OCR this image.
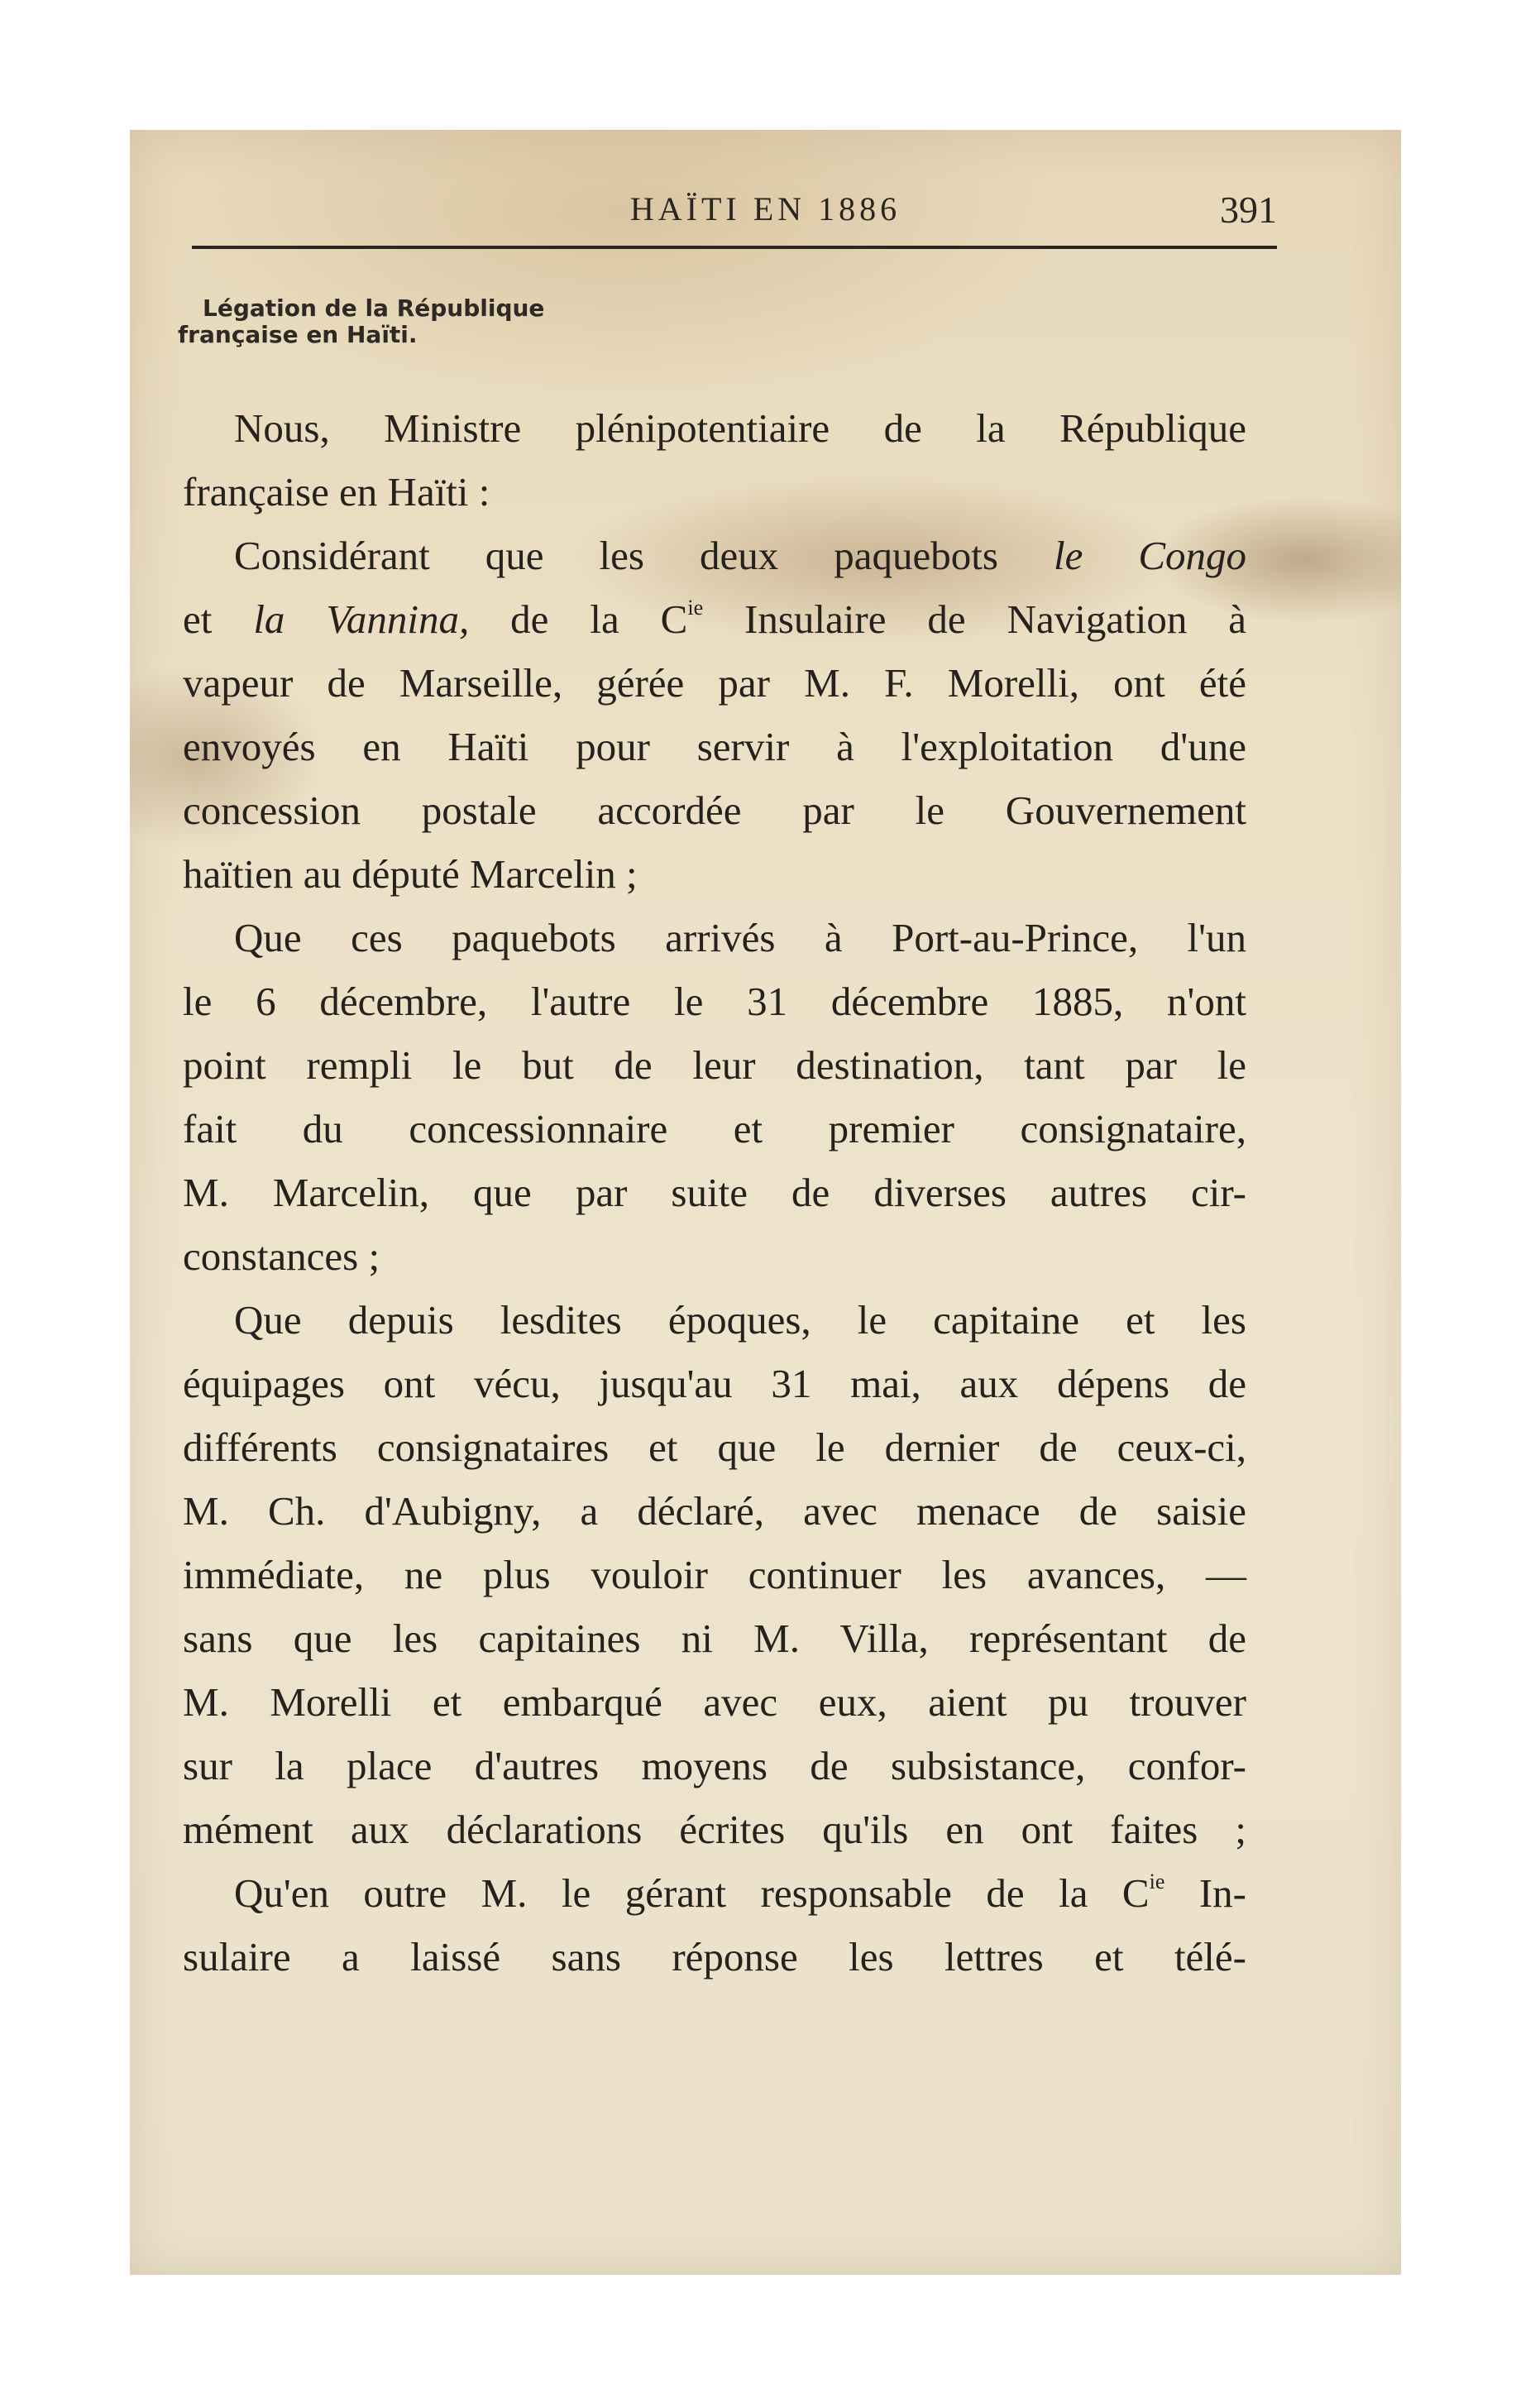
HAÏTI EN 1886	391
Légation de la République
française en Haïti.
Nous, Ministre plénipotentiaire de la République
française en Haïti :
Considérant que les deux paquebots le Congo
et la Vannina, de la $C^{ie}$ Insulaire de Navigation à
vapeur de Marseille, gérée par M. F. Morelli, ont été
envoyés en Haïti pour servir à l'exploitation d'une
concession postale accordée par le Gouvernement
haïtien au député Marcelin ;
Que ces paquebots arrivés à Port-au-Prince, l'un
le 6 décembre, l'autre le 31 décembre 1885, n'ont
point rempli le but de leur destination, tant par le
fait du concessionnaire et premier consignataire,
M. Marcelin, que par suite de diverses autres cir-
constances ;
Que depuis lesdites époques, le capitaine et les
équipages ont vécu, jusqu'au 31 mai, aux dépens de
différents consignataires et que le dernier de ceux-ci,
M. Ch. d'Aubigny, a déclaré, avec menace de saisie
immédiate, ne plus vouloir continuer les avances, —
sans que les capitaines ni M. Villa, représentant de
M. Morelli et embarqué avec eux, aient pu trouver
sur la place d'autres moyens de subsistance, confor-
mément aux déclarations écrites qu'ils en ont faites ;
Qu'en outre M. le gérant responsable de la $C^{ie}$ In-
sulaire a laissé sans réponse les lettres et télé-
